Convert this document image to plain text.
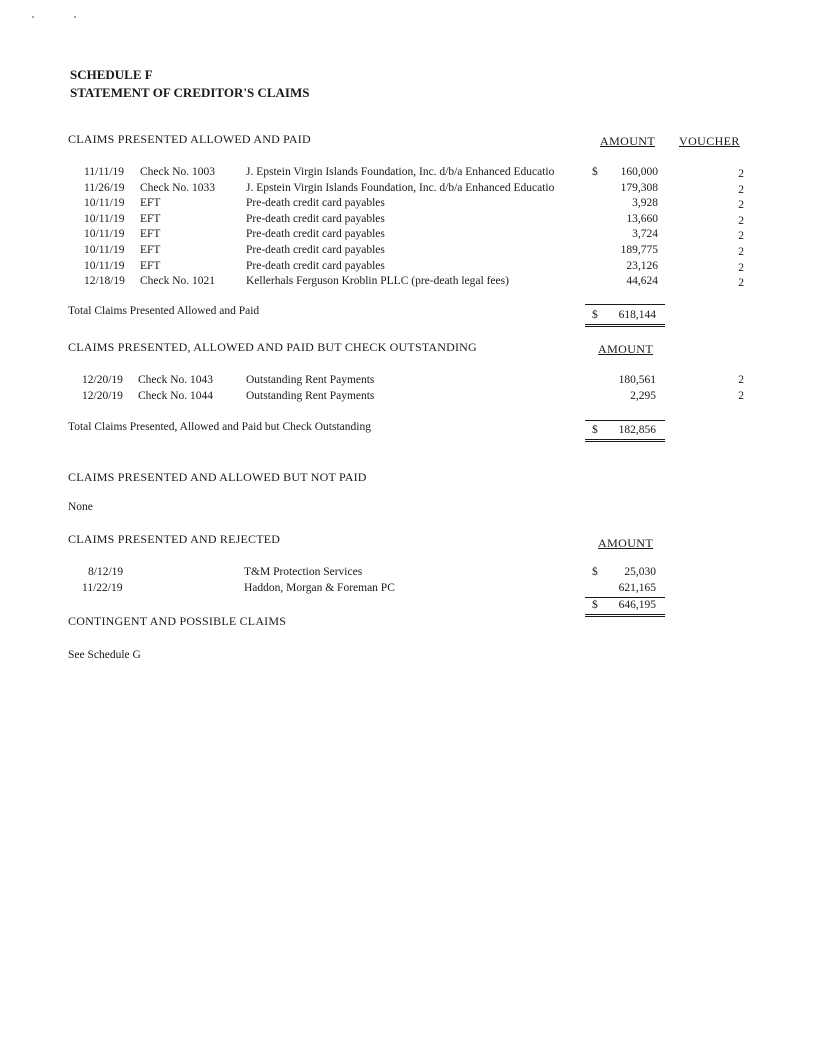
SCHEDULE F
STATEMENT OF CREDITOR'S CLAIMS
CLAIMS PRESENTED ALLOWED AND PAID	AMOUNT VOUCHER
11/11/19 Check No. 1003	J. Epstein Virgin Islands Foundation, Inc. d/b/a Enhanced Educatio	$	160,000	2
11/26/19 Check No. 1033	J. Epstein Virgin Islands Foundation, Inc. d/b/a Enhanced Educatio	179,308	2
10/11/19 EFT	Pre-death credit card payables	3,928	2
10/11/19 EFT	Pre-death credit card payables	13,660	2
10/11/19 EFT	Pre-death credit card payables	3,724	2
10/11/19 EFT	Pre-death credit card payables	189,775	2
10/11/19 EFT	Pre-death credit card payables	23,126	2
12/18/19 Check No. 1021	Kellerhals Ferguson Kroblin PLLC (pre-death legal fees)	44,624	2
Total Claims Presented Allowed and Paid	$	618,144
CLAIMS PRESENTED, ALLOWED AND PAID BUT CHECK OUTSTANDING	AMOUNT
12/20/19 Check No. 1043	Outstanding Rent Payments	180,561	2
12/20/19 Check No. 1044	Outstanding Rent Payments	2,295	2
Total Claims Presented, Allowed and Paid but Check Outstanding	$	182,856
CLAIMS PRESENTED AND ALLOWED BUT NOT PAID
None
CLAIMS PRESENTED AND REJECTED	AMOUNT
8/12/19	T&M Protection Services	$	25,030
11/22/19	Haddon, Morgan & Foreman PC	621,165
$	646,195
CONTINGENT AND POSSIBLE CLAIMS
See Schedule G
